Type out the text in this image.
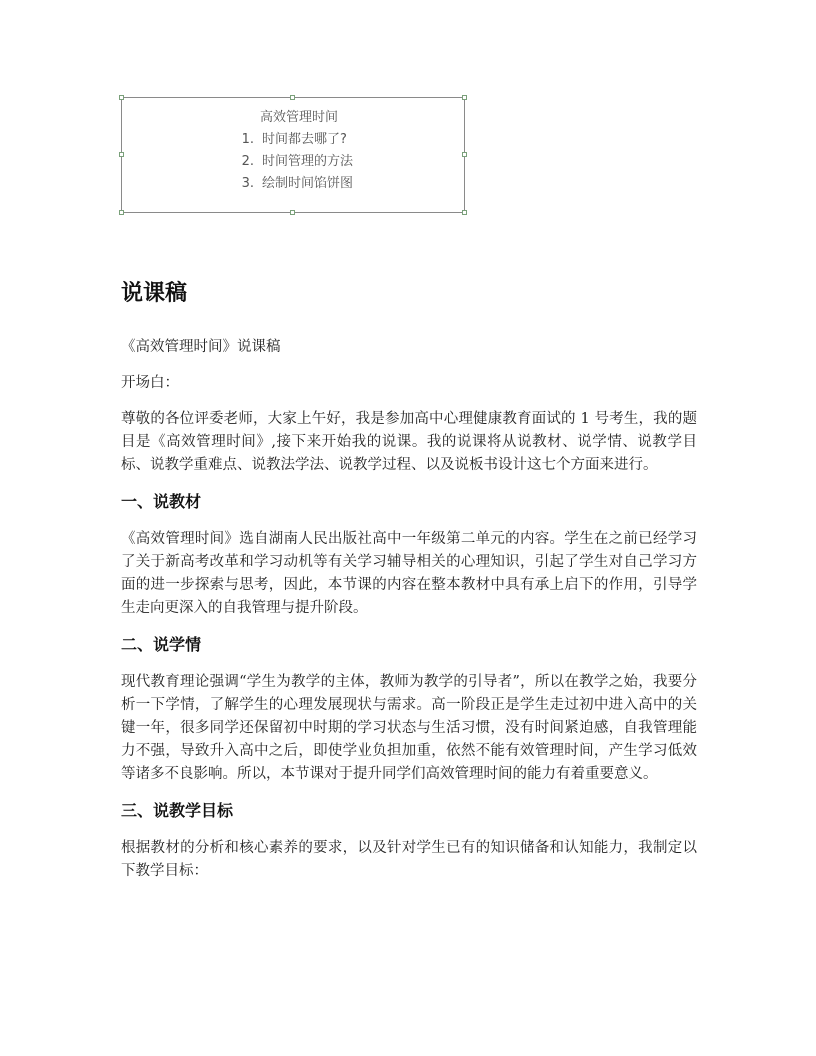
高效管理时间
1. 时间都去哪了?
2. 时间管理的方法
3. 绘制时间馅饼图
说课稿

《高效管理时间》说课稿

开场白：

尊敬的各位评委老师，大家上午好，我是参加高中心理健康教育面试的 1 号考生，我的题目是《高效管理时间》,接下来开始我的说课。我的说课将从说教材、说学情、说教学目标、说教学重难点、说教法学法、说教学过程、以及说板书设计这七个方面来进行。

一、说教材

《高效管理时间》选自湖南人民出版社高中一年级第二单元的内容。学生在之前已经学习了关于新高考改革和学习动机等有关学习辅导相关的心理知识，引起了学生对自己学习方面的进一步探索与思考，因此，本节课的内容在整本教材中具有承上启下的作用，引导学生走向更深入的自我管理与提升阶段。

二、说学情

现代教育理论强调“学生为教学的主体，教师为教学的引导者”，所以在教学之始，我要分析一下学情，了解学生的心理发展现状与需求。高一阶段正是学生走过初中进入高中的关键一年，很多同学还保留初中时期的学习状态与生活习惯，没有时间紧迫感，自我管理能力不强，导致升入高中之后，即使学业负担加重，依然不能有效管理时间，产生学习低效等诸多不良影响。所以，本节课对于提升同学们高效管理时间的能力有着重要意义。

三、说教学目标

根据教材的分析和核心素养的要求，以及针对学生已有的知识储备和认知能力，我制定以下教学目标：
